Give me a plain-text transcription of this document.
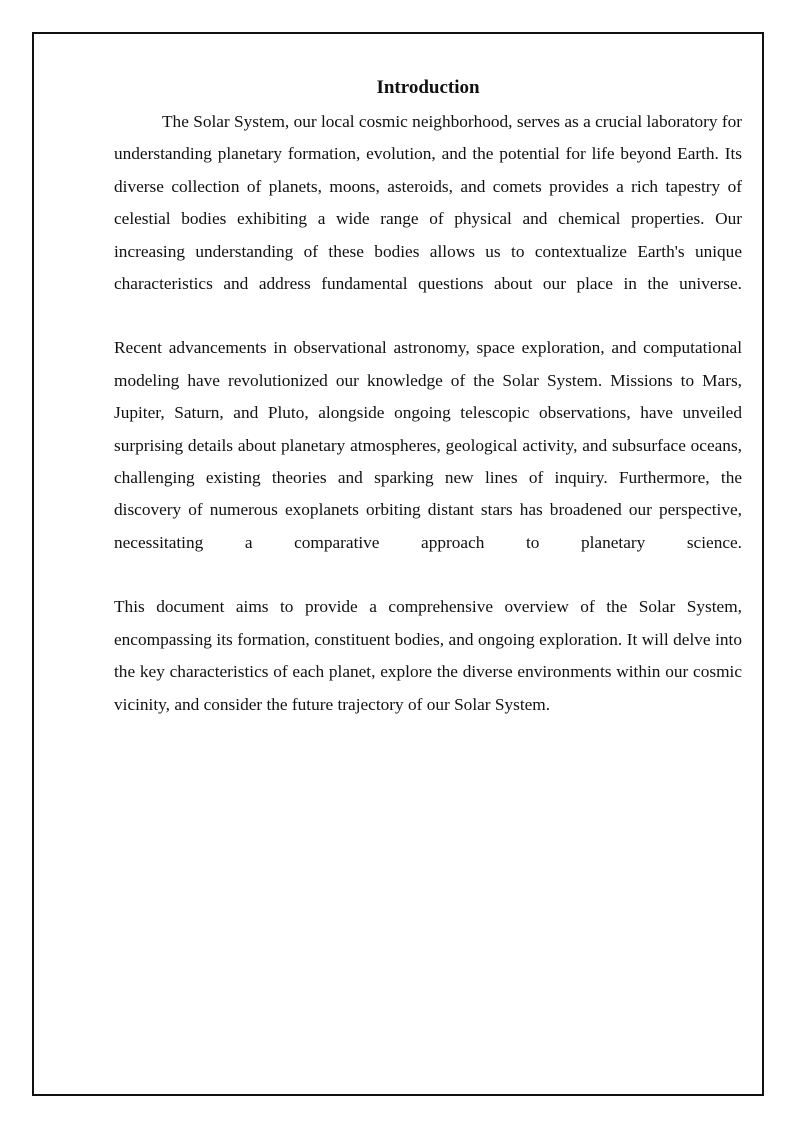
Introduction

The Solar System, our local cosmic neighborhood, serves as a crucial laboratory for understanding planetary formation, evolution, and the potential for life beyond Earth. Its diverse collection of planets, moons, asteroids, and comets provides a rich tapestry of celestial bodies exhibiting a wide range of physical and chemical properties. Our increasing understanding of these bodies allows us to contextualize Earth's unique characteristics and address fundamental questions about our place in the universe.

Recent advancements in observational astronomy, space exploration, and computational modeling have revolutionized our knowledge of the Solar System. Missions to Mars, Jupiter, Saturn, and Pluto, alongside ongoing telescopic observations, have unveiled surprising details about planetary atmospheres, geological activity, and subsurface oceans, challenging existing theories and sparking new lines of inquiry. Furthermore, the discovery of numerous exoplanets orbiting distant stars has broadened our perspective, necessitating a comparative approach to planetary science.

This document aims to provide a comprehensive overview of the Solar System, encompassing its formation, constituent bodies, and ongoing exploration. It will delve into the key characteristics of each planet, explore the diverse environments within our cosmic vicinity, and consider the future trajectory of our Solar System.
